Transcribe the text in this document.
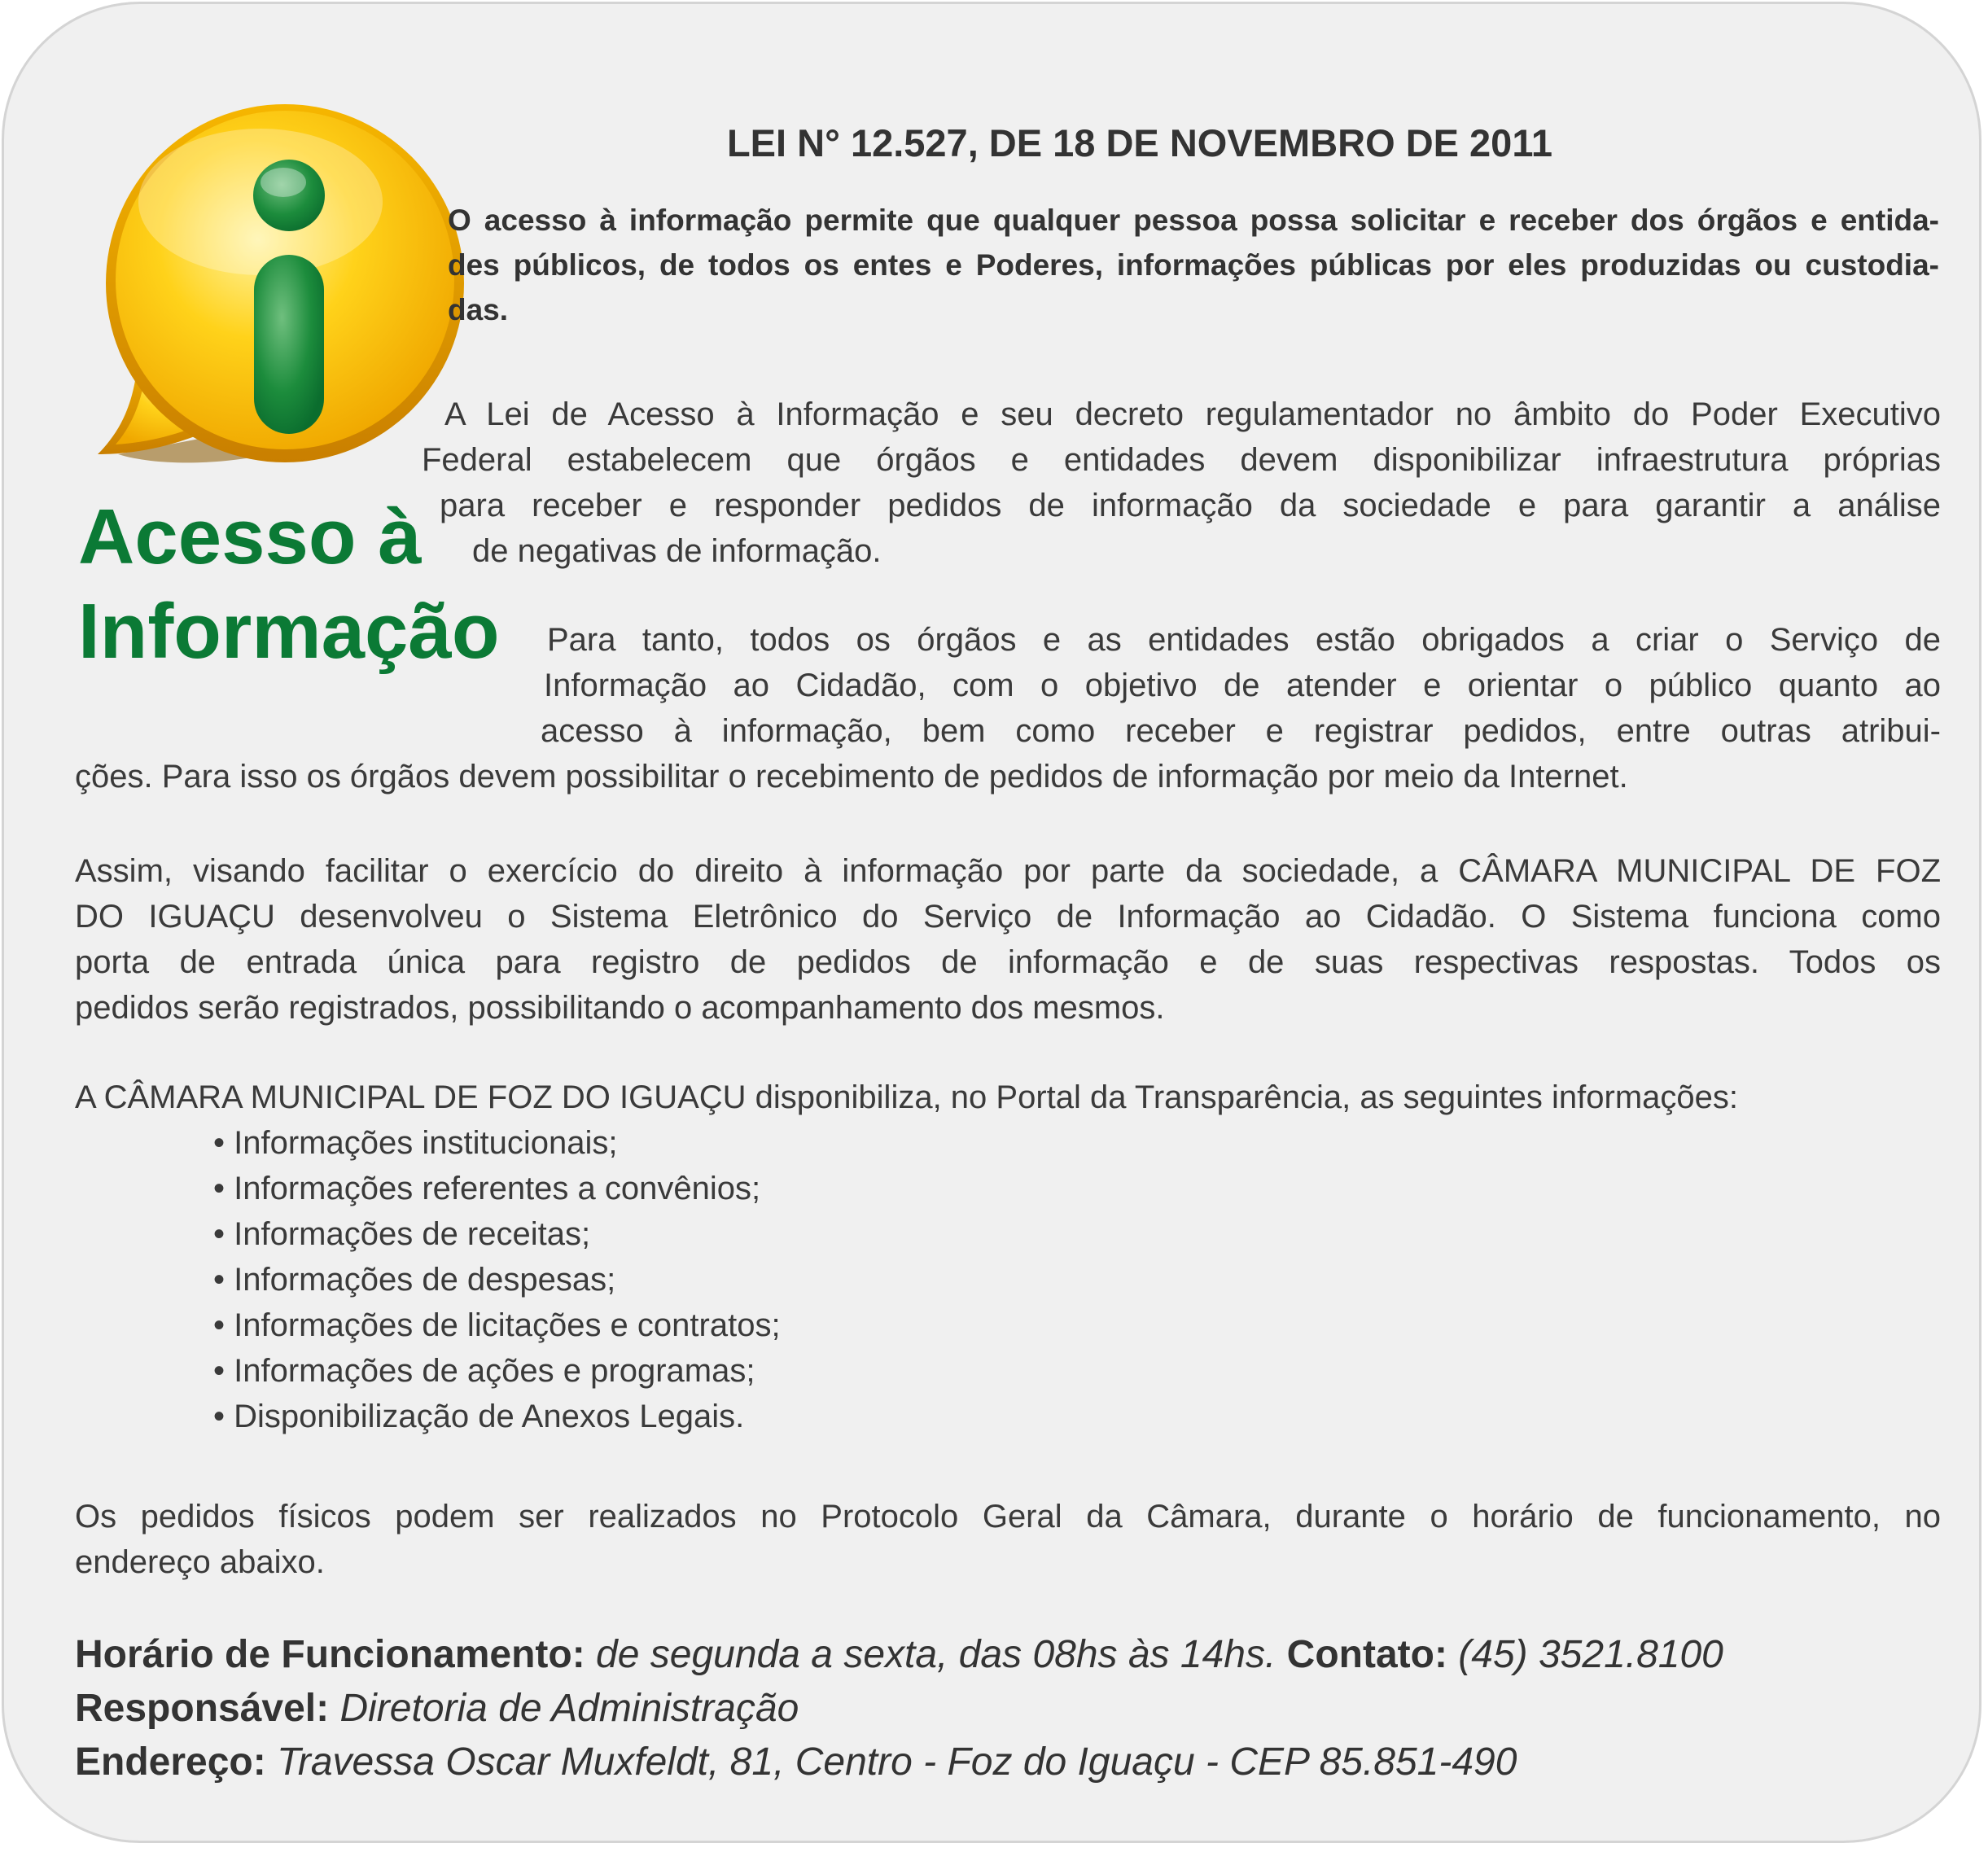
Acesso à
Informação
LEI N° 12.527, DE 18 DE NOVEMBRO DE 2011
O acesso à informação permite que qualquer pessoa possa solicitar e receber dos órgãos e entida-
des públicos, de todos os entes e Poderes, informações públicas por eles produzidas ou custodia-
das.
A Lei de Acesso à Informação e seu decreto regulamentador no âmbito do Poder Executivo
Federal estabelecem que órgãos e entidades devem disponibilizar infraestrutura próprias
para receber e responder pedidos de informação da sociedade e para garantir a análise
de negativas de informação.
Para tanto, todos os órgãos e as entidades estão obrigados a criar o Serviço de
Informação ao Cidadão, com o objetivo de atender e orientar o público quanto ao
acesso à informação, bem como receber e registrar pedidos, entre outras atribui-
ções. Para isso os órgãos devem possibilitar o recebimento de pedidos de informação por meio da Internet.
Assim, visando facilitar o exercício do direito à informação por parte da sociedade, a CÂMARA MUNICIPAL DE FOZ
DO IGUAÇU desenvolveu o Sistema Eletrônico do Serviço de Informação ao Cidadão. O Sistema funciona como
porta de entrada única para registro de pedidos de informação e de suas respectivas respostas. Todos os
pedidos serão registrados, possibilitando o acompanhamento dos mesmos.
A CÂMARA MUNICIPAL DE FOZ DO IGUAÇU disponibiliza, no Portal da Transparência, as seguintes informações:
• Informações institucionais;
• Informações referentes a convênios;
• Informações de receitas;
• Informações de despesas;
• Informações de licitações e contratos;
• Informações de ações e programas;
• Disponibilização de Anexos Legais.
Os pedidos físicos podem ser realizados no Protocolo Geral da Câmara, durante o horário de funcionamento, no
endereço abaixo.
Horário de Funcionamento: de segunda a sexta, das 08hs às 14hs. Contato: (45) 3521.8100
Responsável: Diretoria de Administração
Endereço: Travessa Oscar Muxfeldt, 81, Centro - Foz do Iguaçu - CEP 85.851-490
